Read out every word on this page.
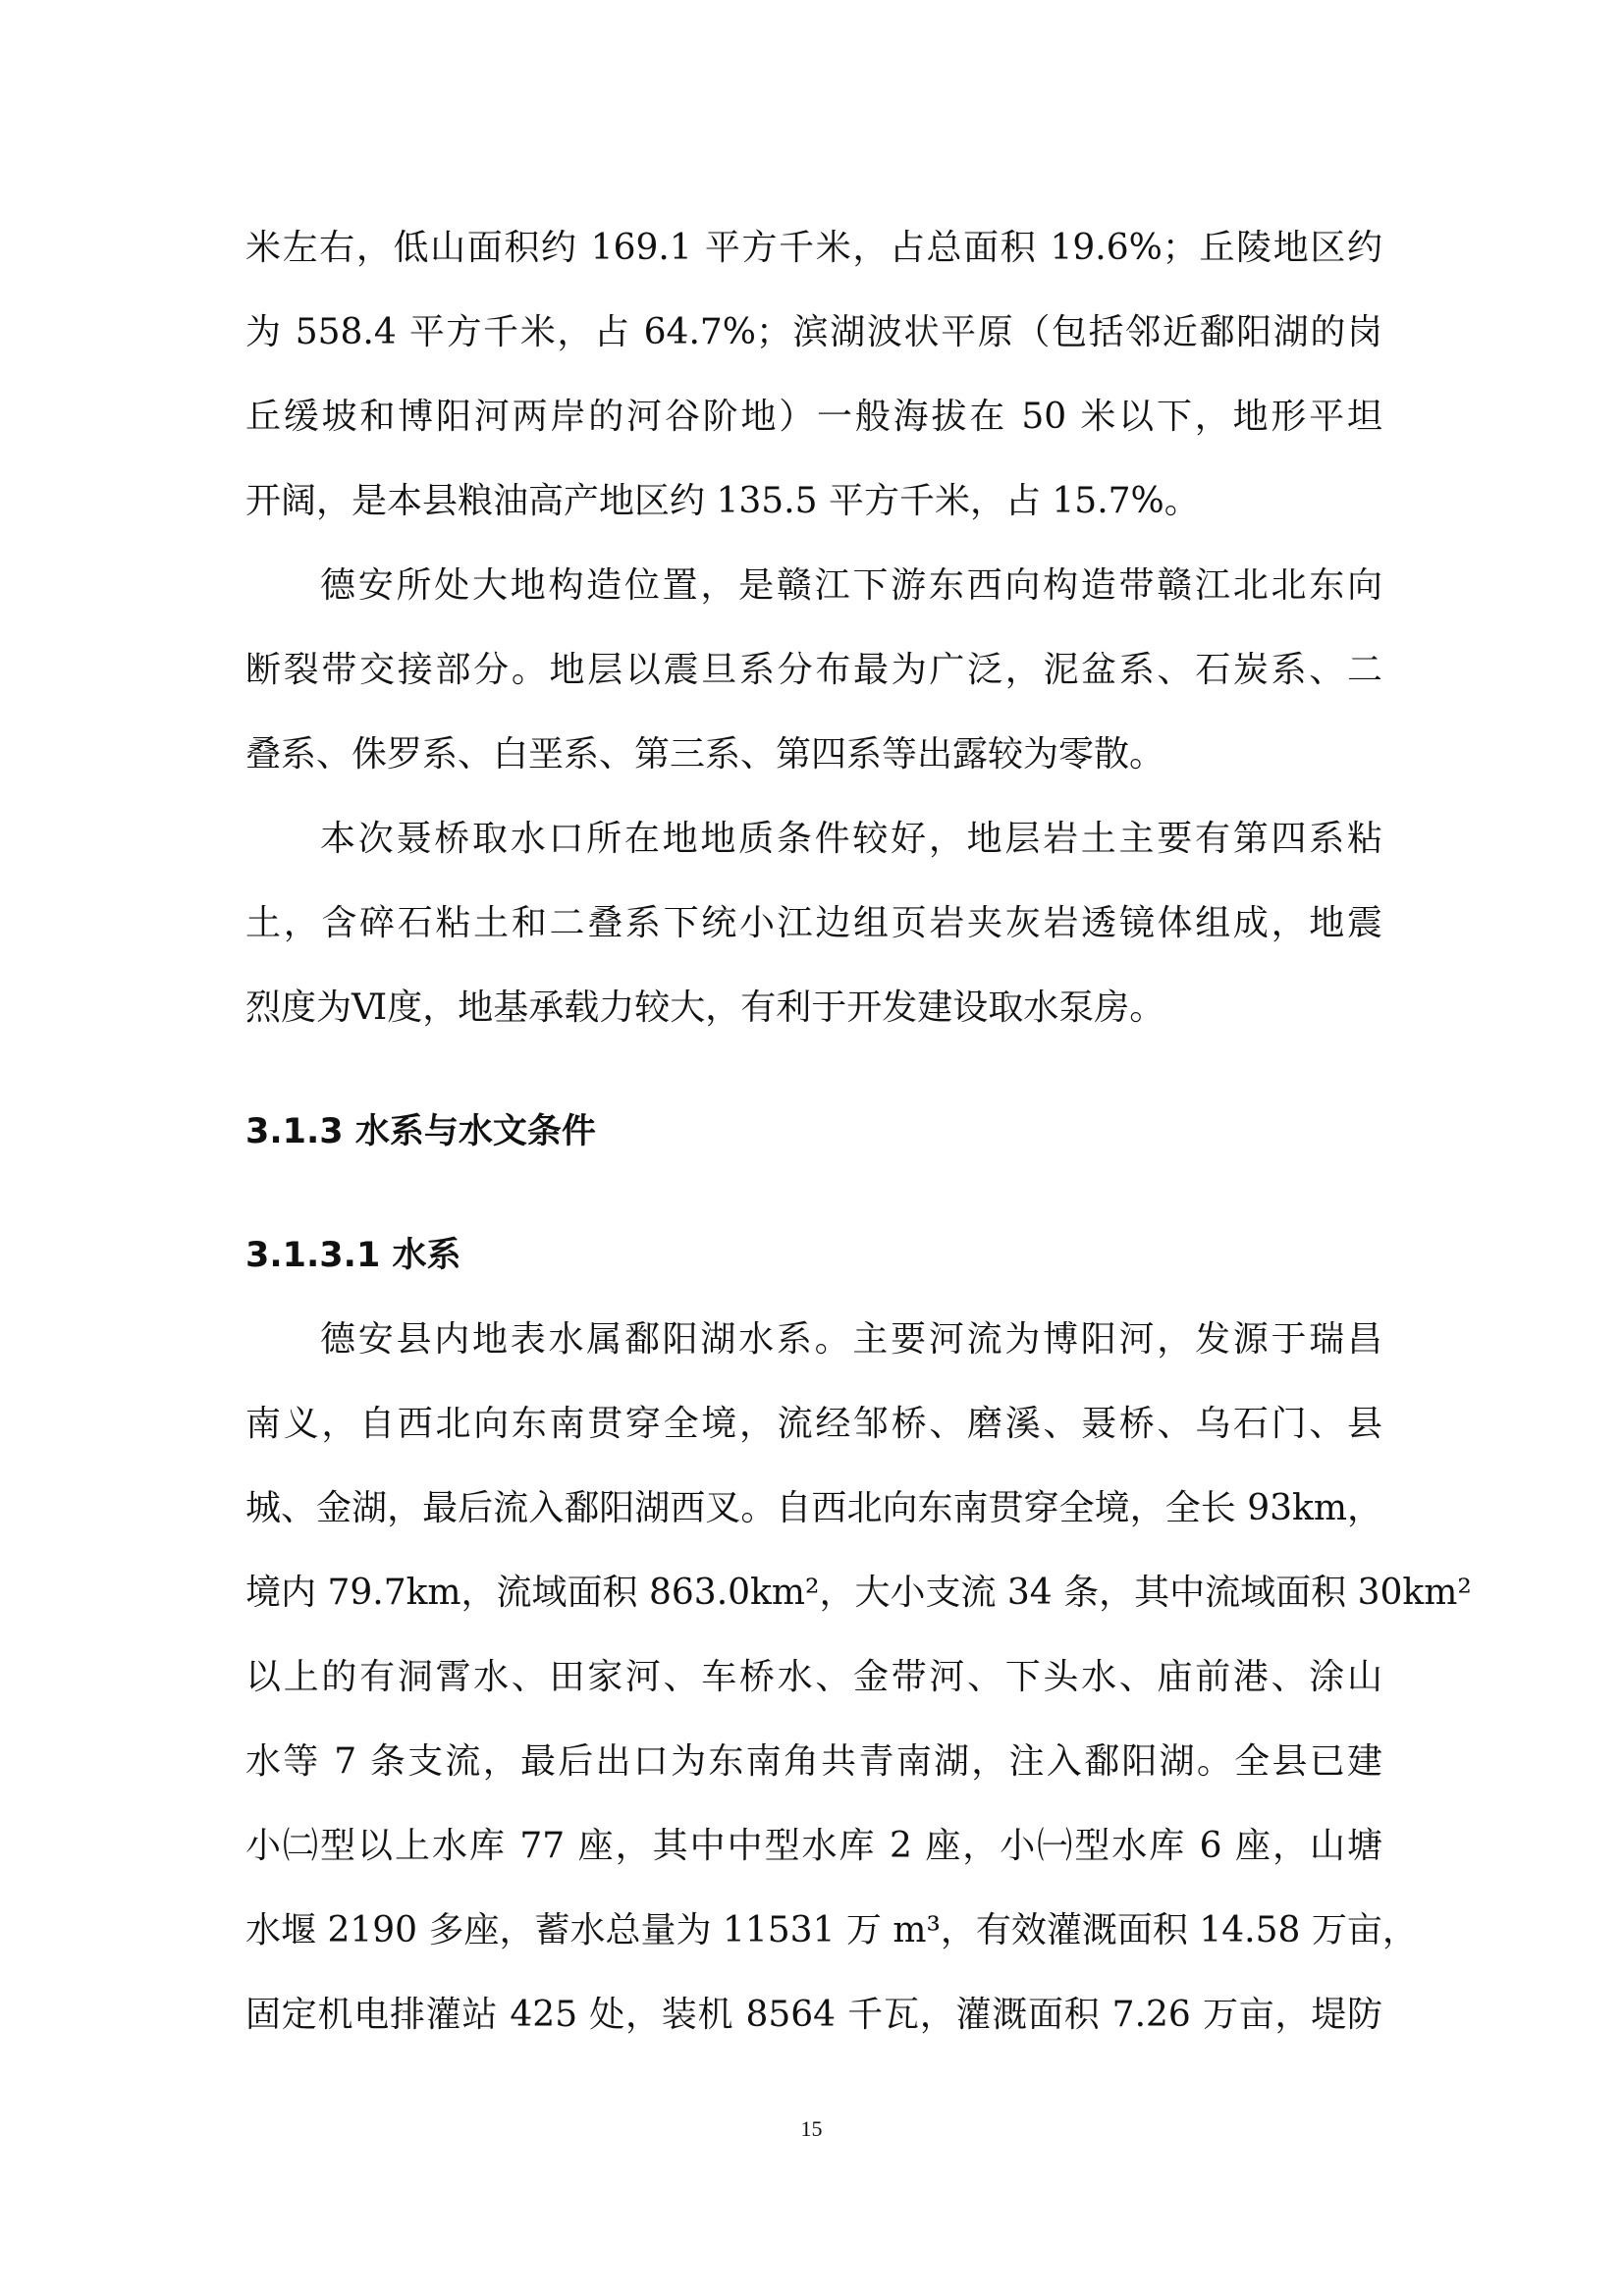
米左右，低山面积约 169.1 平方千米，占总面积 19.6%；丘陵地区约
为 558.4 平方千米，占 64.7%；滨湖波状平原（包括邻近鄱阳湖的岗
丘缓坡和博阳河两岸的河谷阶地）一般海拔在 50 米以下，地形平坦
开阔，是本县粮油高产地区约 135.5 平方千米，占 15.7%。
德安所处大地构造位置，是赣江下游东西向构造带赣江北北东向
断裂带交接部分。地层以震旦系分布最为广泛，泥盆系、石炭系、二
叠系、侏罗系、白垩系、第三系、第四系等出露较为零散。
本次聂桥取水口所在地地质条件较好，地层岩土主要有第四系粘
土，含碎石粘土和二叠系下统小江边组页岩夹灰岩透镜体组成，地震
烈度为Ⅵ度，地基承载力较大，有利于开发建设取水泵房。
3.1.3 水系与水文条件
3.1.3.1 水系
德安县内地表水属鄱阳湖水系。主要河流为博阳河，发源于瑞昌
南义，自西北向东南贯穿全境，流经邹桥、磨溪、聂桥、乌石门、县
城、金湖，最后流入鄱阳湖西叉。自西北向东南贯穿全境，全长 93km，
境内 79.7km，流域面积 863.0km²，大小支流 34 条，其中流域面积 30km²
以上的有洞霄水、田家河、车桥水、金带河、下头水、庙前港、涂山
水等 7 条支流，最后出口为东南角共青南湖，注入鄱阳湖。全县已建
小㈡型以上水库 77 座，其中中型水库 2 座，小㈠型水库 6 座，山塘
水堰 2190 多座，蓄水总量为 11531 万 m³，有效灌溉面积 14.58 万亩，
固定机电排灌站 425 处，装机 8564 千瓦，灌溉面积 7.26 万亩，堤防
15
